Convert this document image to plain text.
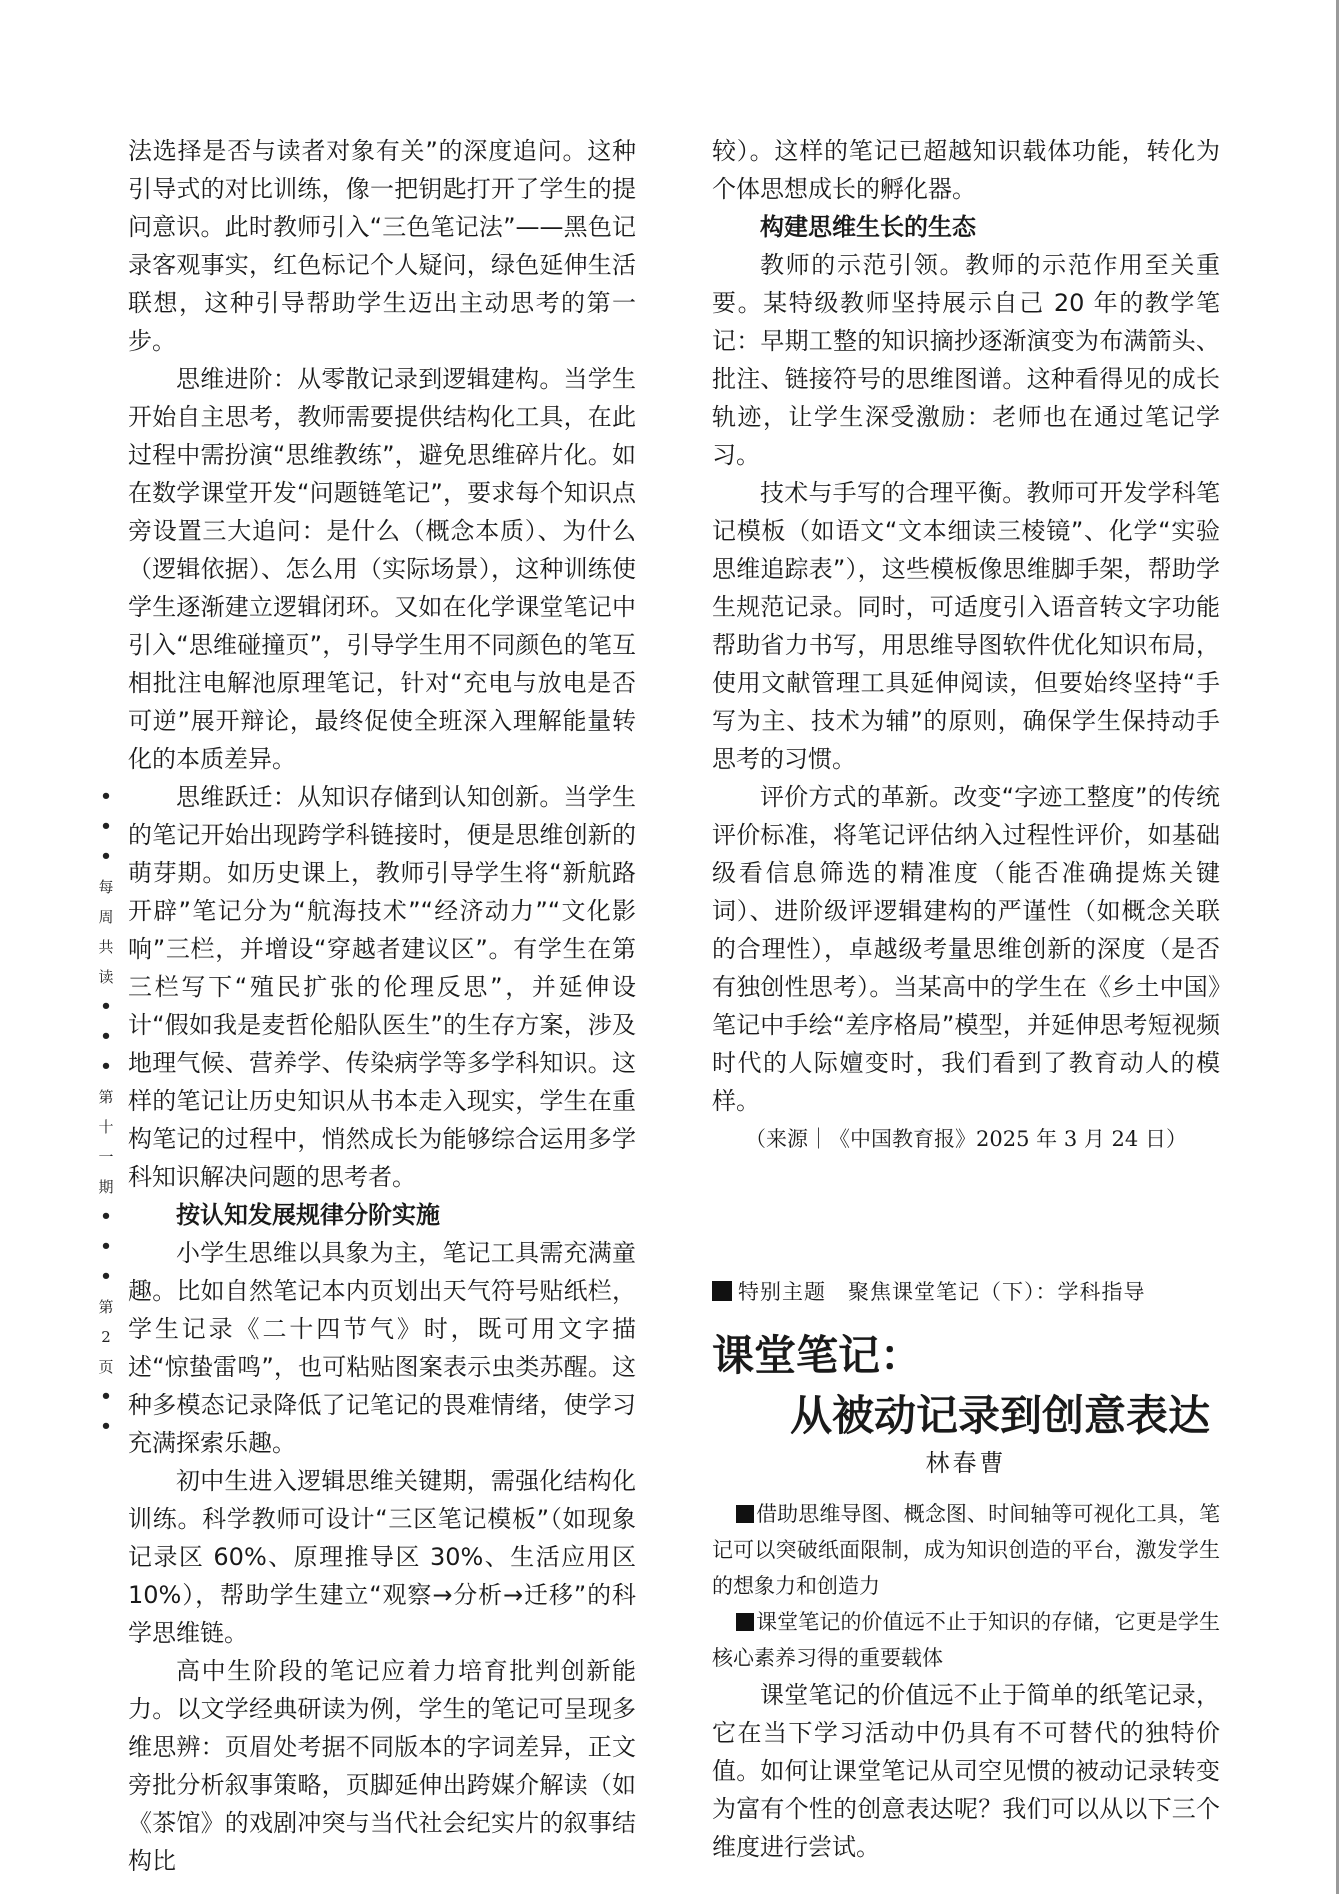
•
•
•
每
周
共
读
•
•
•
第
十
一
期
•
•
•
第
2
页
•
•

法选择是否与读者对象有关”的深度追问。这种引导式的对比训练，像一把钥匙打开了学生的提问意识。此时教师引入“三色笔记法”——黑色记录客观事实，红色标记个人疑问，绿色延伸生活联想，这种引导帮助学生迈出主动思考的第一步。

思维进阶：从零散记录到逻辑建构。当学生开始自主思考，教师需要提供结构化工具，在此过程中需扮演“思维教练”，避免思维碎片化。如在数学课堂开发“问题链笔记”，要求每个知识点旁设置三大追问：是什么（概念本质）、为什么（逻辑依据）、怎么用（实际场景），这种训练使学生逐渐建立逻辑闭环。又如在化学课堂笔记中引入“思维碰撞页”，引导学生用不同颜色的笔互相批注电解池原理笔记，针对“充电与放电是否可逆”展开辩论，最终促使全班深入理解能量转化的本质差异。

思维跃迁：从知识存储到认知创新。当学生的笔记开始出现跨学科链接时，便是思维创新的萌芽期。如历史课上，教师引导学生将“新航路开辟”笔记分为“航海技术”“经济动力”“文化影响”三栏，并增设“穿越者建议区”。有学生在第三栏写下“殖民扩张的伦理反思”，并延伸设计“假如我是麦哲伦船队医生”的生存方案，涉及地理气候、营养学、传染病学等多学科知识。这样的笔记让历史知识从书本走入现实，学生在重构笔记的过程中，悄然成长为能够综合运用多学科知识解决问题的思考者。

按认知发展规律分阶实施

小学生思维以具象为主，笔记工具需充满童趣。比如自然笔记本内页划出天气符号贴纸栏，学生记录《二十四节气》时，既可用文字描述“惊蛰雷鸣”，也可粘贴图案表示虫类苏醒。这种多模态记录降低了记笔记的畏难情绪，使学习充满探索乐趣。

初中生进入逻辑思维关键期，需强化结构化训练。科学教师可设计“三区笔记模板”（如现象记录区 60%、原理推导区 30%、生活应用区 10%），帮助学生建立“观察→分析→迁移”的科学思维链。

高中生阶段的笔记应着力培育批判创新能力。以文学经典研读为例，学生的笔记可呈现多维思辨：页眉处考据不同版本的字词差异，正文旁批分析叙事策略，页脚延伸出跨媒介解读（如《茶馆》的戏剧冲突与当代社会纪实片的叙事结构比

较）。这样的笔记已超越知识载体功能，转化为个体思想成长的孵化器。

构建思维生长的生态

教师的示范引领。教师的示范作用至关重要。某特级教师坚持展示自己 20 年的教学笔记：早期工整的知识摘抄逐渐演变为布满箭头、批注、链接符号的思维图谱。这种看得见的成长轨迹，让学生深受激励：老师也在通过笔记学习。

技术与手写的合理平衡。教师可开发学科笔记模板（如语文“文本细读三棱镜”、化学“实验思维追踪表”），这些模板像思维脚手架，帮助学生规范记录。同时，可适度引入语音转文字功能帮助省力书写，用思维导图软件优化知识布局，使用文献管理工具延伸阅读，但要始终坚持“手写为主、技术为辅”的原则，确保学生保持动手思考的习惯。

评价方式的革新。改变“字迹工整度”的传统评价标准，将笔记评估纳入过程性评价，如基础级看信息筛选的精准度（能否准确提炼关键词）、进阶级评逻辑建构的严谨性（如概念关联的合理性），卓越级考量思维创新的深度（是否有独创性思考）。当某高中的学生在《乡土中国》笔记中手绘“差序格局”模型，并延伸思考短视频时代的人际嬗变时，我们看到了教育动人的模样。

（来源｜《中国教育报》2025 年 3 月 24 日）

特别主题　聚焦课堂笔记（下）：学科指导
课堂笔记：
从被动记录到创意表达

林春曹

借助思维导图、概念图、时间轴等可视化工具，笔记可以突破纸面限制，成为知识创造的平台，激发学生的想象力和创造力

课堂笔记的价值远不止于知识的存储，它更是学生核心素养习得的重要载体

课堂笔记的价值远不止于简单的纸笔记录，它在当下学习活动中仍具有不可替代的独特价值。如何让课堂笔记从司空见惯的被动记录转变为富有个性的创意表达呢？我们可以从以下三个维度进行尝试。
